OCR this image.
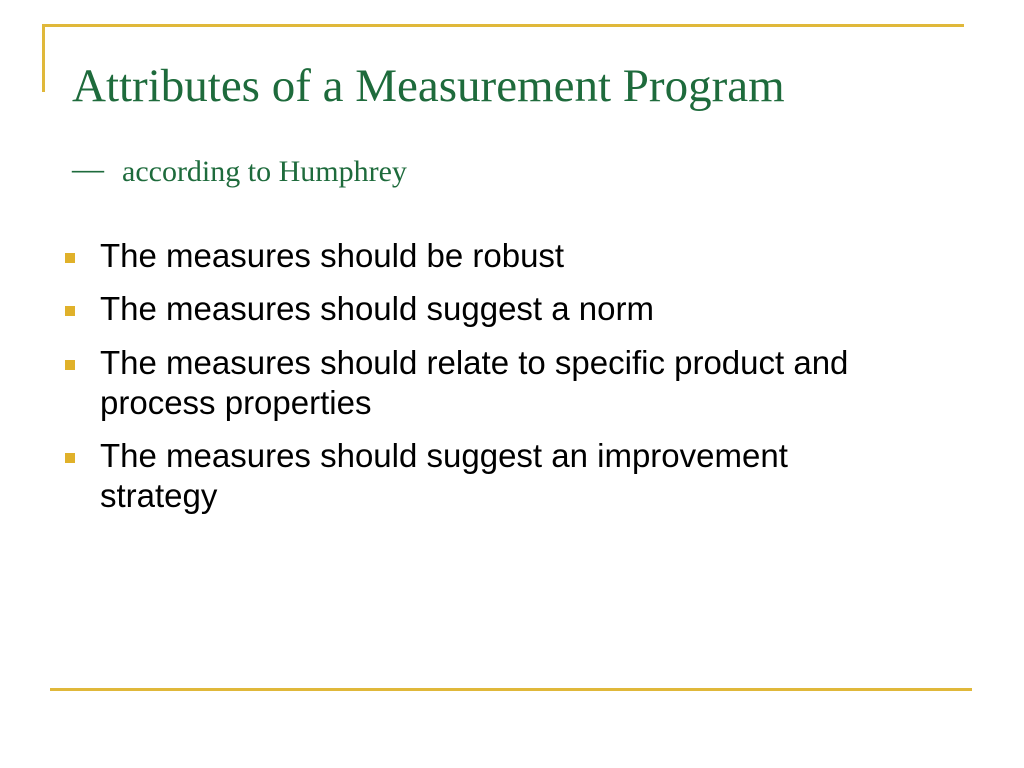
Attributes of a Measurement Program
— according to Humphrey
The measures should be robust
The measures should suggest a norm
The measures should relate to specific product and process properties
The measures should suggest an improvement strategy
